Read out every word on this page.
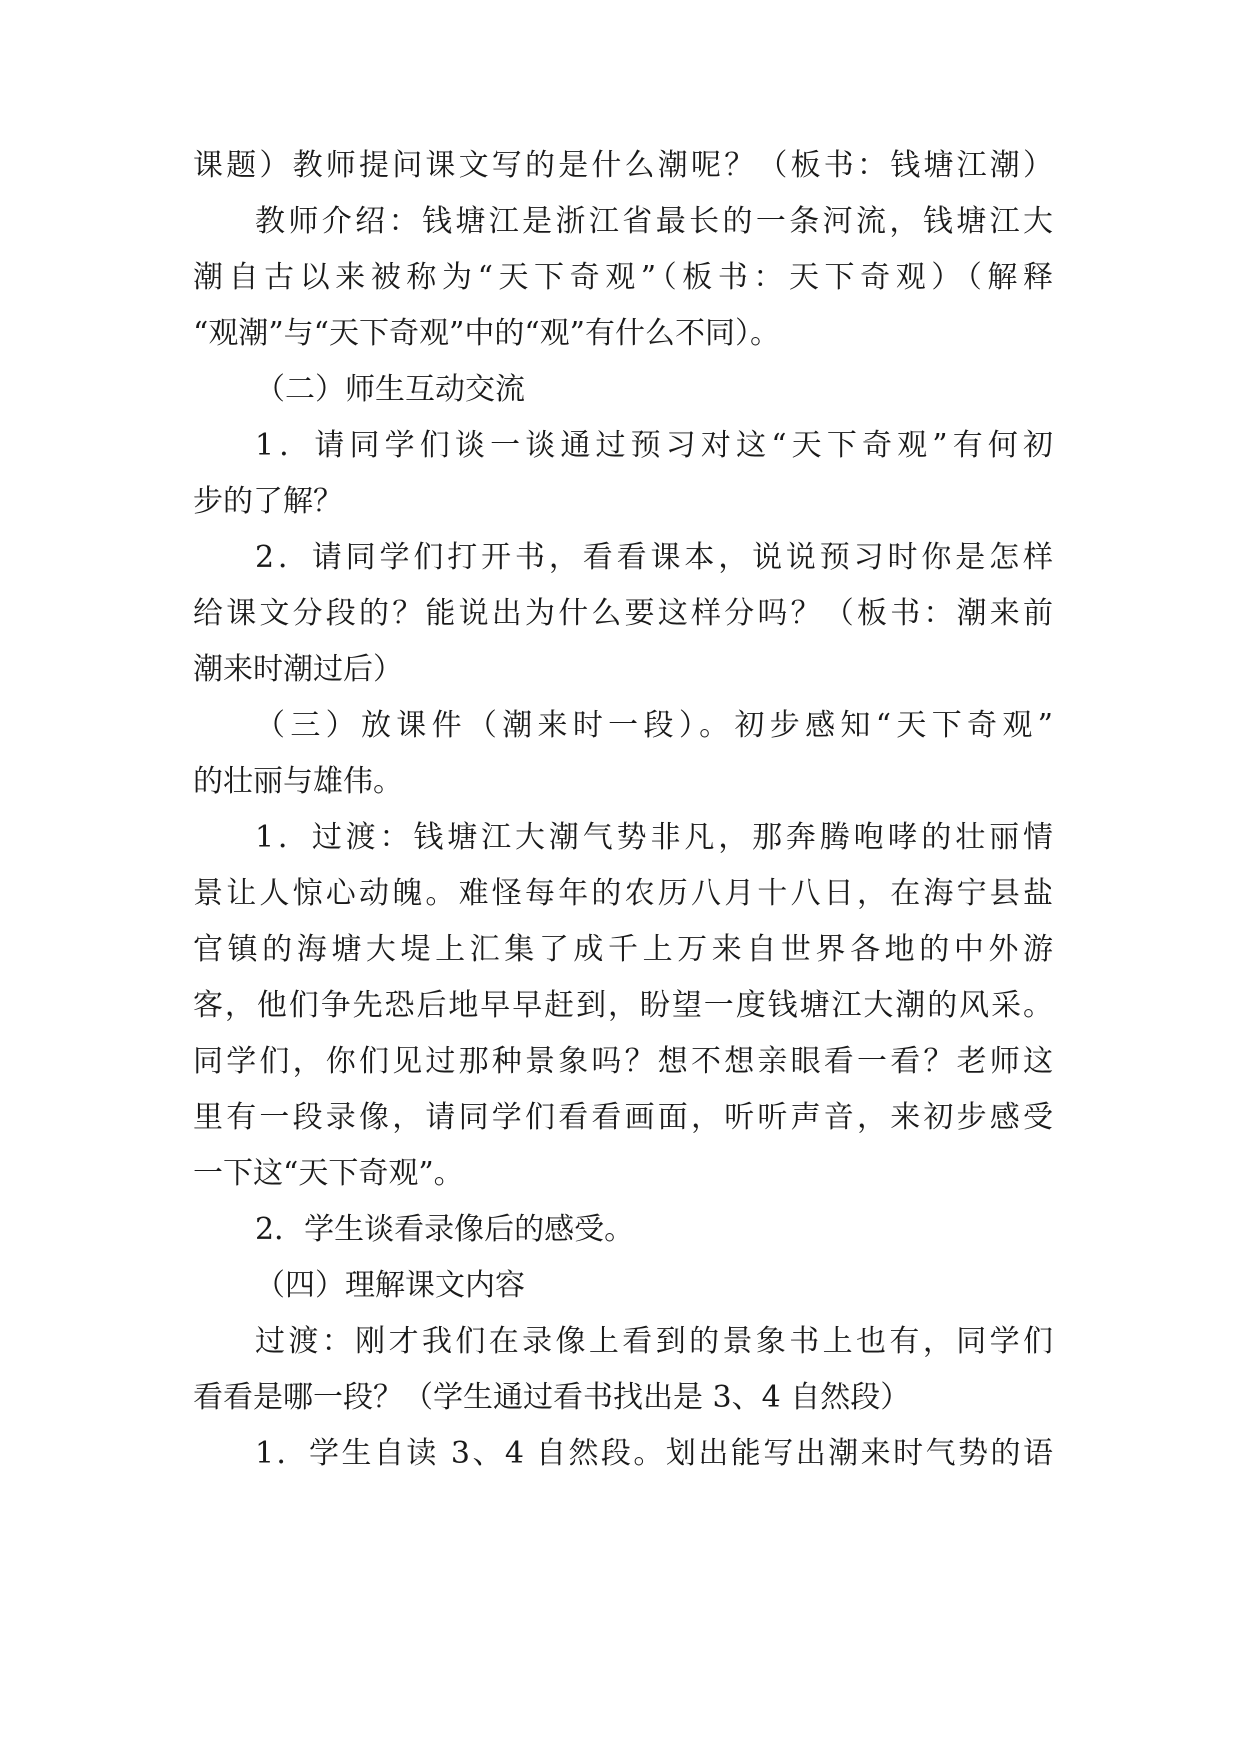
课题）教师提问课文写的是什么潮呢？（板书：钱塘江潮）
教师介绍：钱塘江是浙江省最长的一条河流，钱塘江大
潮自古以来被称为“天下奇观”（板书：天下奇观）（解释
“观潮”与“天下奇观”中的“观”有什么不同）。
（二）师生互动交流
1．请同学们谈一谈通过预习对这“天下奇观”有何初
步的了解？
2．请同学们打开书，看看课本，说说预习时你是怎样
给课文分段的？能说出为什么要这样分吗？（板书：潮来前
潮来时潮过后）
（三）放课件（潮来时一段）。初步感知“天下奇观”
的壮丽与雄伟。
1．过渡：钱塘江大潮气势非凡，那奔腾咆哮的壮丽情
景让人惊心动魄。难怪每年的农历八月十八日，在海宁县盐
官镇的海塘大堤上汇集了成千上万来自世界各地的中外游
客，他们争先恐后地早早赶到，盼望一度钱塘江大潮的风采。
同学们，你们见过那种景象吗？想不想亲眼看一看？老师这
里有一段录像，请同学们看看画面，听听声音，来初步感受
一下这“天下奇观”。
2．学生谈看录像后的感受。
（四）理解课文内容
过渡：刚才我们在录像上看到的景象书上也有，同学们
看看是哪一段？（学生通过看书找出是 3、4 自然段）
1．学生自读 3、4 自然段。划出能写出潮来时气势的语
